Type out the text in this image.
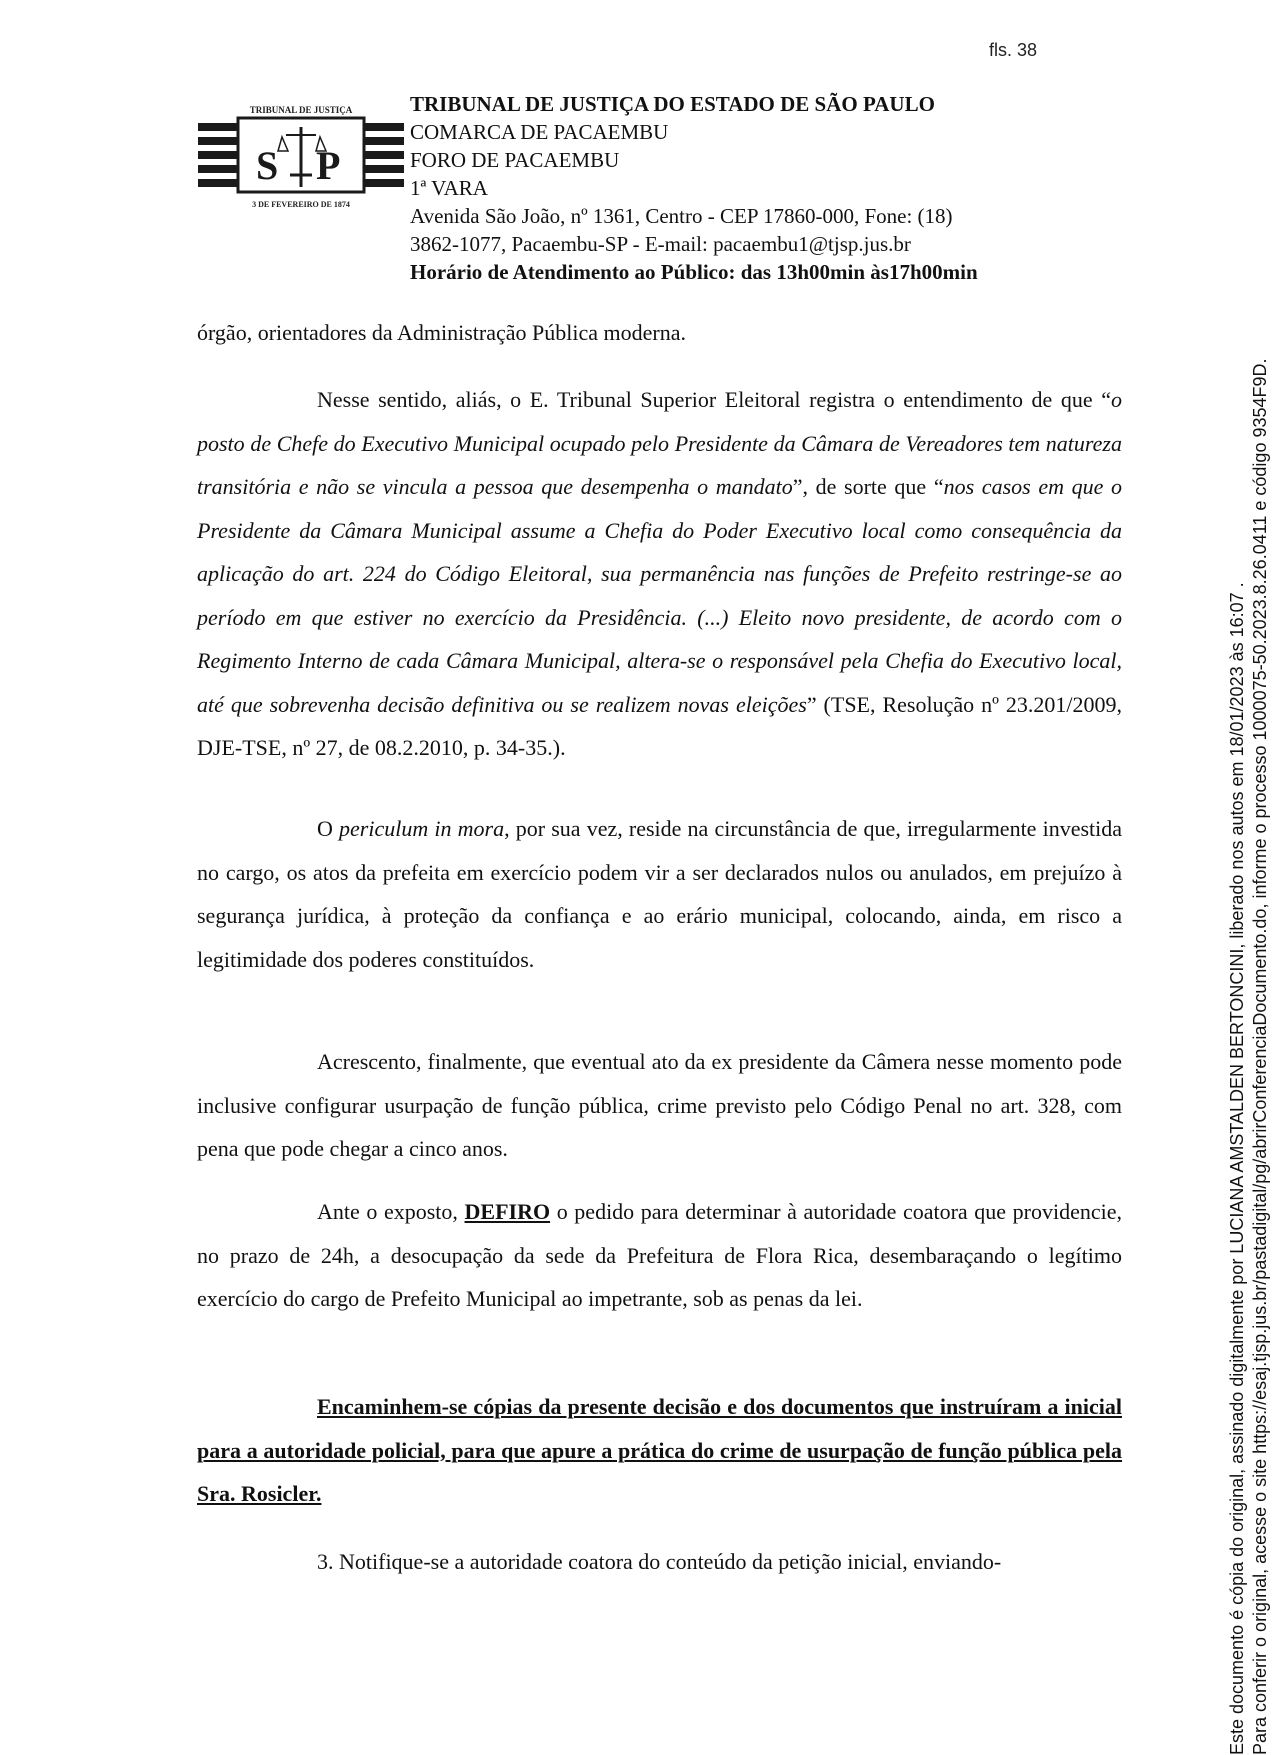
fls. 38
TRIBUNAL DE JUSTIÇA
S P
3 DE FEVEREIRO DE 1874
TRIBUNAL DE JUSTIÇA DO ESTADO DE SÃO PAULO
COMARCA DE PACAEMBU
FORO DE PACAEMBU
1ª VARA
Avenida São João, nº 1361, Centro - CEP 17860-000, Fone: (18)
3862-1077, Pacaembu-SP - E-mail: pacaembu1@tjsp.jus.br
Horário de Atendimento ao Público: das 13h00min às17h00min

órgão, orientadores da Administração Pública moderna.

Nesse sentido, aliás, o E. Tribunal Superior Eleitoral registra o entendimento de que “o posto de Chefe do Executivo Municipal ocupado pelo Presidente da Câmara de Vereadores tem natureza transitória e não se vincula a pessoa que desempenha o mandato”, de sorte que “nos casos em que o Presidente da Câmara Municipal assume a Chefia do Poder Executivo local como consequência da aplicação do art. 224 do Código Eleitoral, sua permanência nas funções de Prefeito restringe-se ao período em que estiver no exercício da Presidência. (...) Eleito novo presidente, de acordo com o Regimento Interno de cada Câmara Municipal, altera-se o responsável pela Chefia do Executivo local, até que sobrevenha decisão definitiva ou se realizem novas eleições” (TSE, Resolução nº 23.201/2009, DJE-TSE, nº 27, de 08.2.2010, p. 34-35.).

O periculum in mora, por sua vez, reside na circunstância de que, irregularmente investida no cargo, os atos da prefeita em exercício podem vir a ser declarados nulos ou anulados, em prejuízo à segurança jurídica, à proteção da confiança e ao erário municipal, colocando, ainda, em risco a legitimidade dos poderes constituídos.

Acrescento, finalmente, que eventual ato da ex presidente da Câmera nesse momento pode inclusive configurar usurpação de função pública, crime previsto pelo Código Penal no art. 328, com pena que pode chegar a cinco anos.

Ante o exposto, DEFIRO o pedido para determinar à autoridade coatora que providencie, no prazo de 24h, a desocupação da sede da Prefeitura de Flora Rica, desembaraçando o legítimo exercício do cargo de Prefeito Municipal ao impetrante, sob as penas da lei.

Encaminhem-se cópias da presente decisão e dos documentos que instruíram a inicial para a autoridade policial, para que apure a prática do crime de usurpação de função pública pela Sra. Rosicler.

3. Notifique-se a autoridade coatora do conteúdo da petição inicial, enviando-	Este documento é cópia do original, assinado digitalmente por LUCIANA AMSTALDEN BERTONCINI, liberado nos autos em 18/01/2023 às 16:07 . Para conferir o original, acesse o site https://esaj.tjsp.jus.br/pastadigital/pg/abrirConferenciaDocumento.do, informe o processo 1000075-50.2023.8.26.0411 e código 9354F9D.
